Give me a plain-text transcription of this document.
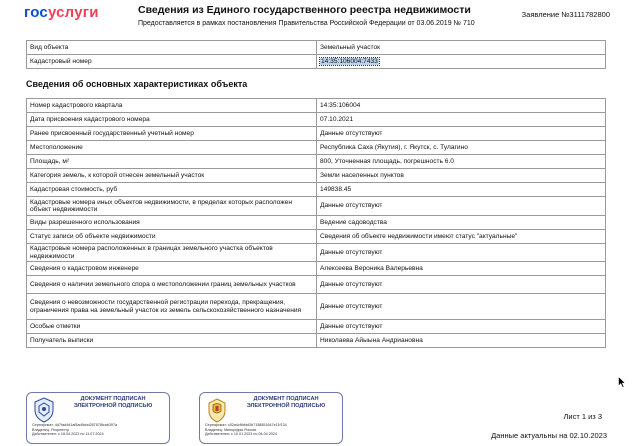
госуслуги	Сведения из Единого государственного реестра недвижимости
Предоставляется в рамках постановления Правительства Российской Федерации от 03.06.2019 № 710
Заявление №3111782800
Вид объекта	Земельный участок
Кадастровый номер	14:35:106004:7433
Сведения об основных характеристиках объекта
Номер кадастрового квартала	14:35:106004
Дата присвоения кадастрового номера	07.10.2021
Ранее присвоенный государственный учетный номер	Данные отсутствуют
Местоположение	Республика Саха (Якутия), г. Якутск, с. Тулагино
Площадь, м²	800, Уточненная площадь, погрешность 6.0
Категория земель, к которой отнесен земельный участок	Земли населенных пунктов
Кадастровая стоимость, руб	149838.45
Кадастровые номера иных объектов недвижимости, в пределах которых расположен объект недвижимости	Данные отсутствуют
Виды разрешенного использования	Ведение садоводства
Статус записи об объекте недвижимости	Сведения об объекте недвижимости имеют статус "актуальные"
Кадастровые номера расположенных в границах земельного участка объектов недвижимости	Данные отсутствуют
Сведения о кадастровом инженере	Алексеева Вероника Валерьевна
Сведения о наличии земельного спора о местоположении границ земельных участков	Данные отсутствуют
Сведения о невозможности государственной регистрации перехода, прекращения, ограничения права на земельный участок из земель сельскохозяйственного назначения	Данные отсутствуют
Особые отметки	Данные отсутствуют
Получатель выписки	Николаева Айыына Андриановна
ДОКУМЕНТ ПОДПИСАН ЭЛЕКТРОННОЙ ПОДПИСЬЮ
Сертификат: 4d7fad4d1af5ad9cbd287878fcab397a
Владелец: Росреестр
Действителен: с 18.04.2023 по 11.07.2024
ДОКУМЕНТ ПОДПИСАН ЭЛЕКТРОННОЙ ПОДПИСЬЮ
Сертификат: c52a4cf6ddd3b7158851647e11f134
Владелец: Минцифры России
Действителен: с 10.01.2023 по 04.04.2024
Лист 1 из 3
Данные актуальны на 02.10.2023
